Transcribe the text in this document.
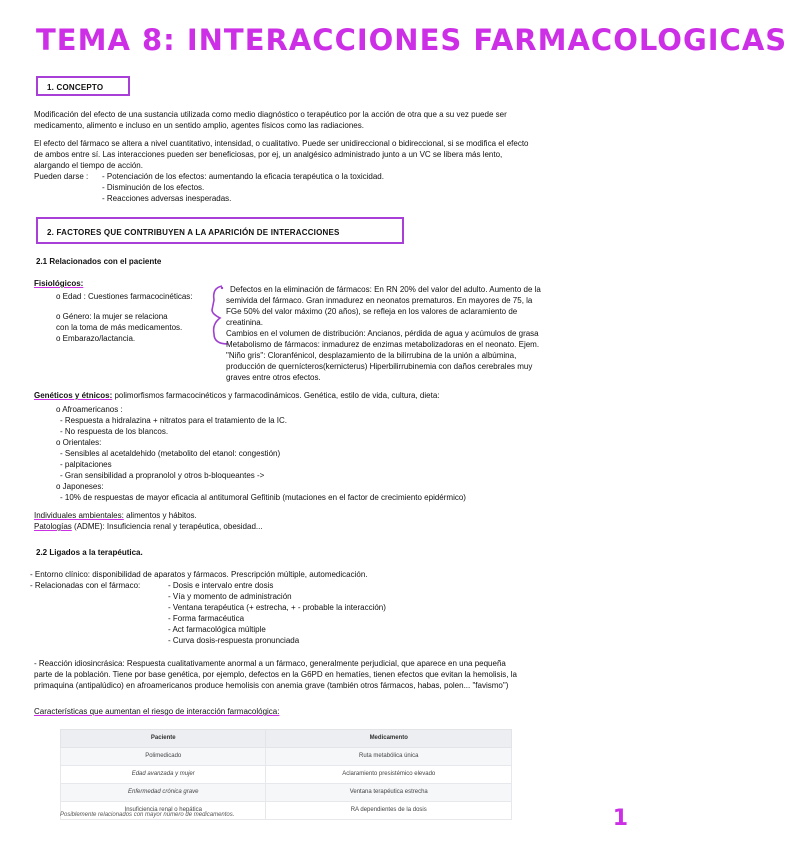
TEMA 8: INTERACCIONES FARMACOLOGICAS
1. CONCEPTO
Modificación del efecto de una sustancia utilizada como medio diagnóstico o terapéutico por la acción de otra que a su vez puede ser
medicamento, alimento e incluso en un sentido amplio, agentes físicos como las radiaciones.
El efecto del fármaco se altera a nivel cuantitativo, intensidad, o cualitativo. Puede ser unidireccional o bidireccional, si se modifica el efecto
de ambos entre sí. Las interacciones pueden ser beneficiosas, por ej, un analgésico administrado junto a un VC se libera más lento,
alargando el tiempo de acción.
Pueden darse : - Potenciación de los efectos: aumentando la eficacia terapéutica o la toxicidad.
- Disminución de los efectos.
- Reacciones adversas inesperadas.
2. FACTORES QUE CONTRIBUYEN A LA APARICIÓN DE INTERACCIONES
2.1 Relacionados con el paciente
Fisiológicos:
o Edad : Cuestiones farmacocinéticas:
o Género: la mujer se relaciona
con la toma de más medicamentos.
o Embarazo/lactancia.
Defectos en la eliminación de fármacos: En RN 20% del valor del adulto. Aumento de la
semivida del fármaco. Gran inmadurez en neonatos prematuros. En mayores de 75, la
FGe 50% del valor máximo (20 años), se refleja en los valores de aclaramiento de
creatinina.
Cambios en el volumen de distribución: Ancianos, pérdida de agua y acúmulos de grasa
Metabolismo de fármacos: inmadurez de enzimas metabolizadoras en el neonato. Ejem.
"Niño gris": Cloranfénicol, desplazamiento de la bilirrubina de la unión a albúmina,
producción de quernícteros(kernicterus) Hiperbilirrubinemia con daños cerebrales muy
graves entre otros efectos.
Genéticos y étnicos: polimorfismos farmacocinéticos y farmacodinámicos. Genética, estilo de vida, cultura, dieta:
o Afroamericanos :
- Respuesta a hidralazina + nitratos para el tratamiento de la IC.
- No respuesta de los blancos.
o Orientales:
- Sensibles al acetaldehido (metabolito del etanol: congestión)
- palpitaciones
- Gran sensibilidad a propranolol y otros b-bloqueantes ->
o Japoneses:
- 10% de respuestas de mayor eficacia al antitumoral Gefitinib (mutaciones en el factor de crecimiento epidérmico)
Individuales ambientales: alimentos y hábitos.
Patologías (ADME): Insuficiencia renal y terapéutica, obesidad...
2.2 Ligados a la terapéutica.
- Entorno clínico: disponibilidad de aparatos y fármacos. Prescripción múltiple, automedicación.
- Relacionadas con el fármaco:	- Dosis e intervalo entre dosis
- Vía y momento de administración
- Ventana terapéutica (+ estrecha, + - probable la interacción)
- Forma farmacéutica
- Act farmacológica múltiple
- Curva dosis-respuesta pronunciada
- Reacción idiosincrásica: Respuesta cualitativamente anormal a un fármaco, generalmente perjudicial, que aparece en una pequeña
parte de la población. Tiene por base genética, por ejemplo, defectos en la G6PD en hematíes, tienen efectos que evitan la hemolisis, la
primaquina (antipalúdico) en afroamericanos produce hemolisis con anemia grave (también otros fármacos, habas, polen... "favismo")
Características que aumentan el riesgo de interacción farmacológica:
Paciente	Medicamento
Polimedicado	Ruta metabólica única
Edad avanzada y mujer	Aclaramiento presistémico elevado
Enfermedad crónica grave	Ventana terapéutica estrecha
Insuficiencia renal o hepática	RA dependientes de la dosis
Posiblemente relacionados con mayor número de medicamentos.	1
